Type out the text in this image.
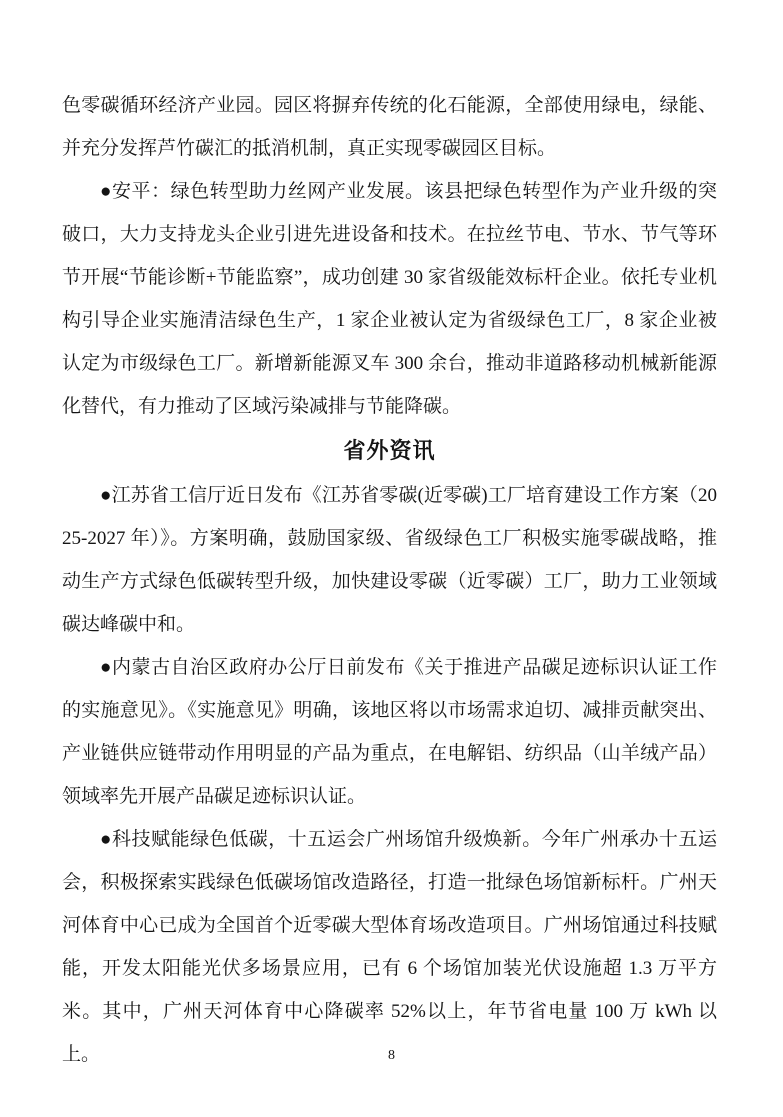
色零碳循环经济产业园。园区将摒弃传统的化石能源，全部使用绿电，绿能、并充分发挥芦竹碳汇的抵消机制，真正实现零碳园区目标。

●安平：绿色转型助力丝网产业发展。该县把绿色转型作为产业升级的突破口，大力支持龙头企业引进先进设备和技术。在拉丝节电、节水、节气等环节开展“节能诊断+节能监察”，成功创建 30 家省级能效标杆企业。依托专业机构引导企业实施清洁绿色生产，1 家企业被认定为省级绿色工厂，8 家企业被认定为市级绿色工厂。新增新能源叉车 300 余台，推动非道路移动机械新能源化替代，有力推动了区域污染减排与节能降碳。

省外资讯

●江苏省工信厅近日发布《江苏省零碳(近零碳)工厂培育建设工作方案（2025-2027 年）》。方案明确，鼓励国家级、省级绿色工厂积极实施零碳战略，推动生产方式绿色低碳转型升级，加快建设零碳（近零碳）工厂，助力工业领域碳达峰碳中和。

●内蒙古自治区政府办公厅日前发布《关于推进产品碳足迹标识认证工作的实施意见》。《实施意见》明确，该地区将以市场需求迫切、减排贡献突出、产业链供应链带动作用明显的产品为重点，在电解铝、纺织品（山羊绒产品）领域率先开展产品碳足迹标识认证。

●科技赋能绿色低碳，十五运会广州场馆升级焕新。今年广州承办十五运会，积极探索实践绿色低碳场馆改造路径，打造一批绿色场馆新标杆。广州天河体育中心已成为全国首个近零碳大型体育场改造项目。广州场馆通过科技赋能，开发太阳能光伏多场景应用，已有 6 个场馆加装光伏设施超 1.3 万平方米。其中，广州天河体育中心降碳率 52%以上，年节省电量 100 万 kWh 以上。	8
